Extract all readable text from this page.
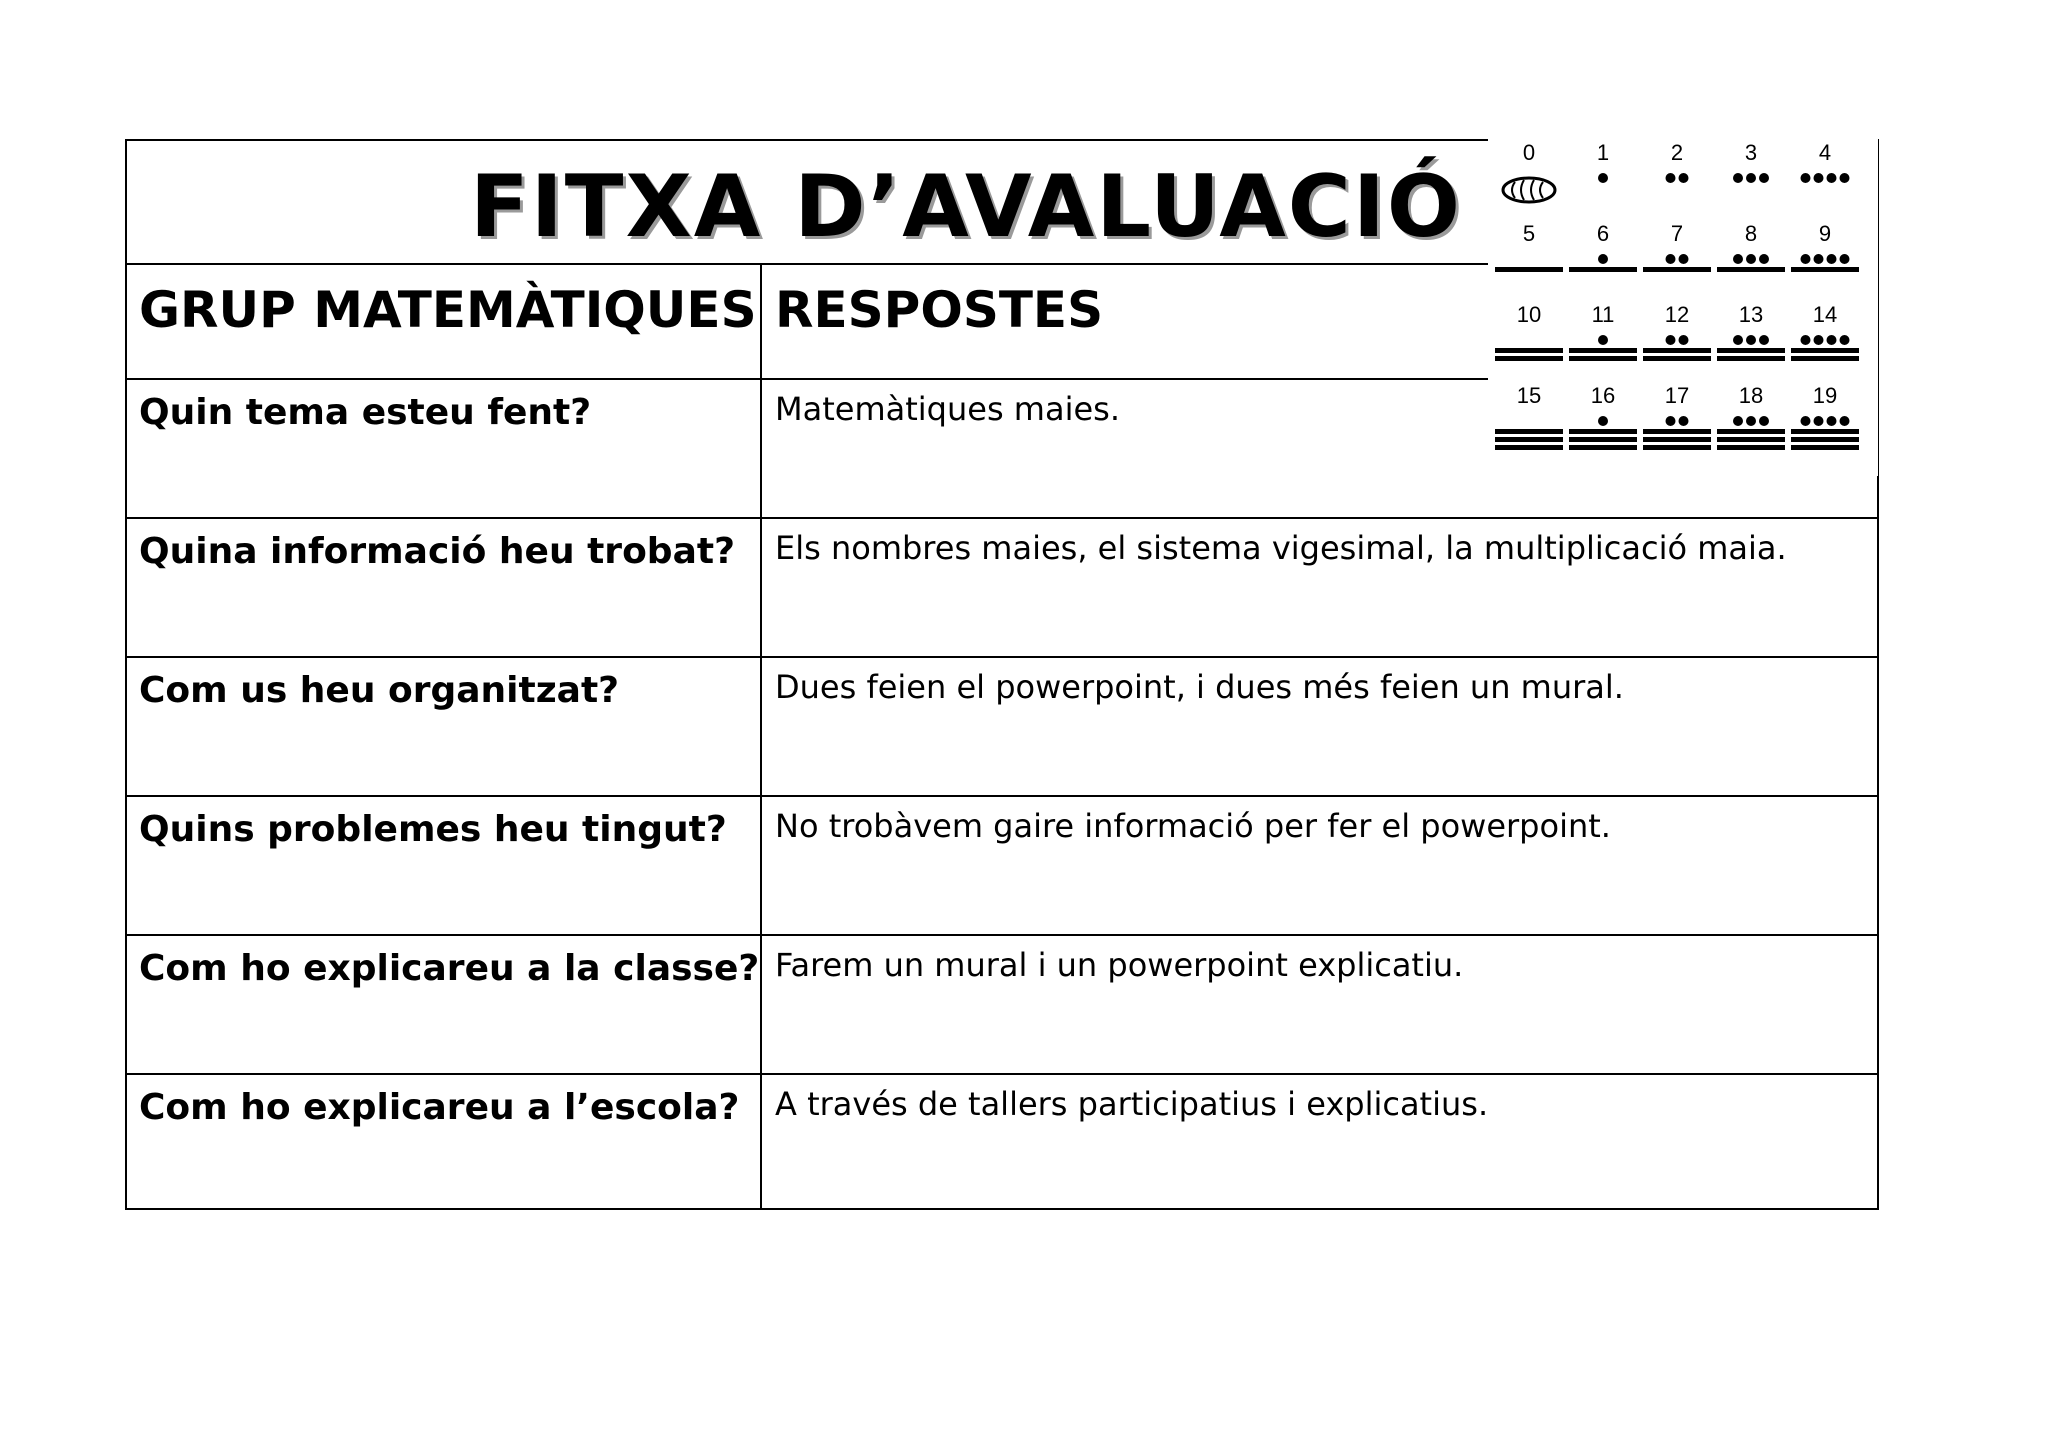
FITXA D’AVALUACIÓ
GRUP MATEMÀTIQUES RESPOSTES
Quin tema esteu fent?	Matemàtiques maies.
Quina informació heu trobat?	Els nombres maies, el sistema vigesimal, la multiplicació maia.
Com us heu organitzat?	Dues feien el powerpoint, i dues més feien un mural.
Quins problemes heu tingut?	No trobàvem gaire informació per fer el powerpoint.
Com ho explicareu a la classe? Farem un mural i un powerpoint explicatiu.
Com ho explicareu a l’escola? A través de tallers participatius i explicatius.
0	1	2	3	4
5	6	7	8	9
10 11 12 13 14
15 16 17 18 19
